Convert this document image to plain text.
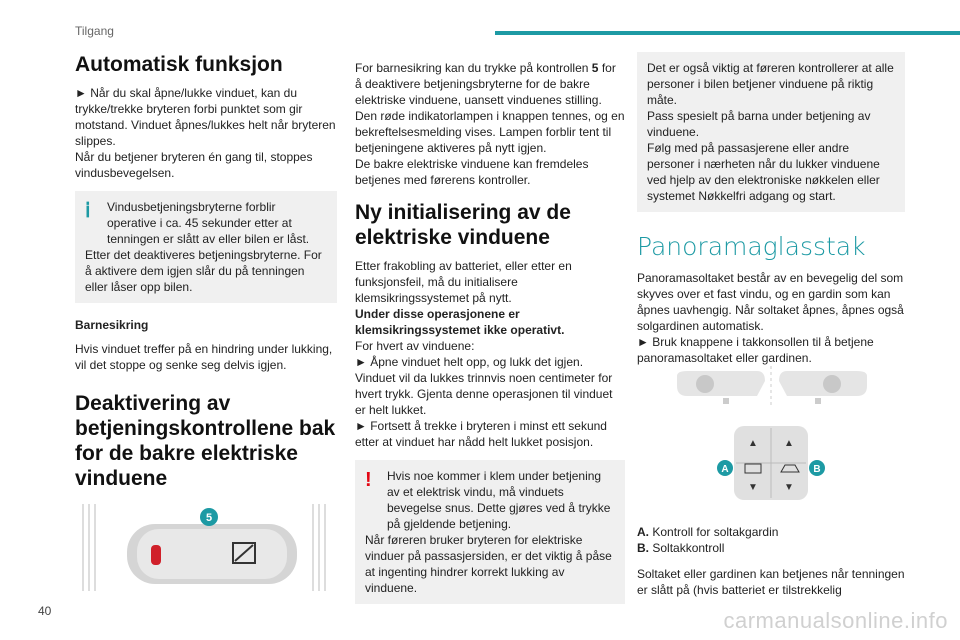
Tilgang
Automatisk funksjon

► Når du skal åpne/lukke vinduet, kan du trykke/trekke bryteren forbi punktet som gir motstand. Vinduet åpnes/lukkes helt når bryteren slippes.

Når du betjener bryteren én gang til, stoppes vindusbevegelsen.

ⅰ	Vindusbetjeningsbryterne forblir operative i ca. 45 sekunder etter at tenningen er slått av eller bilen er låst.
Etter det deaktiveres betjeningsbryterne. For å aktivere dem igjen slår du på tenningen eller låser opp bilen.

Barnesikring

Hvis vinduet treffer på en hindring under lukking, vil det stoppe og senke seg delvis igjen.

Deaktivering av betjeningskontrollene bak for de bakre elektriske vinduene
5

For barnesikring kan du trykke på kontrollen 5 for å deaktivere betjeningsbryterne for de bakre elektriske vinduene, uansett vinduenes stilling.

Den røde indikatorlampen i knappen tennes, og en bekreftelsesmelding vises. Lampen forblir tent til betjeningene aktiveres på nytt igjen.

De bakre elektriske vinduene kan fremdeles betjenes med førerens kontroller.

Ny initialisering av de elektriske vinduene

Etter frakobling av batteriet, eller etter en funksjonsfeil, må du initialisere klemsikringssystemet på nytt.

Under disse operasjonene er klemsikringssystemet ikke operativt.

For hvert av vinduene:

► Åpne vinduet helt opp, og lukk det igjen.

Vinduet vil da lukkes trinnvis noen centimeter for hvert trykk. Gjenta denne operasjonen til vinduet er helt lukket.

► Fortsett å trekke i bryteren i minst ett sekund etter at vinduet har nådd helt lukket posisjon.

!	Hvis noe kommer i klem under betjening av et elektrisk vindu, må vinduets bevegelse snus. Dette gjøres ved å trykke på gjeldende betjening.
Når føreren bruker bryteren for elektriske vinduer på passasjersiden, er det viktig å påse at ingenting hindrer korrekt lukking av vinduene.

Det er også viktig at føreren kontrollerer at alle personer i bilen betjener vinduene på riktig måte.

Pass spesielt på barna under betjening av vinduene.

Følg med på passasjerene eller andre personer i nærheten når du lukker vinduene ved hjelp av den elektroniske nøkkelen eller systemet Nøkkelfri adgang og start.

Panoramaglasstak

Panoramasoltaket består av en bevegelig del som skyves over et fast vindu, og en gardin som kan åpnes uavhengig. Når soltaket åpnes, åpnes også solgardinen automatisk.

► Bruk knappene i takkonsollen til å betjene panoramasoltaket eller gardinen.

▲	▲
▼	▼
A	B

A. Kontroll for soltakgardin

B. Soltakkontroll

Soltaket eller gardinen kan betjenes når tenningen er slått på (hvis batteriet er tilstrekkelig

40	carmanualsonline.info
